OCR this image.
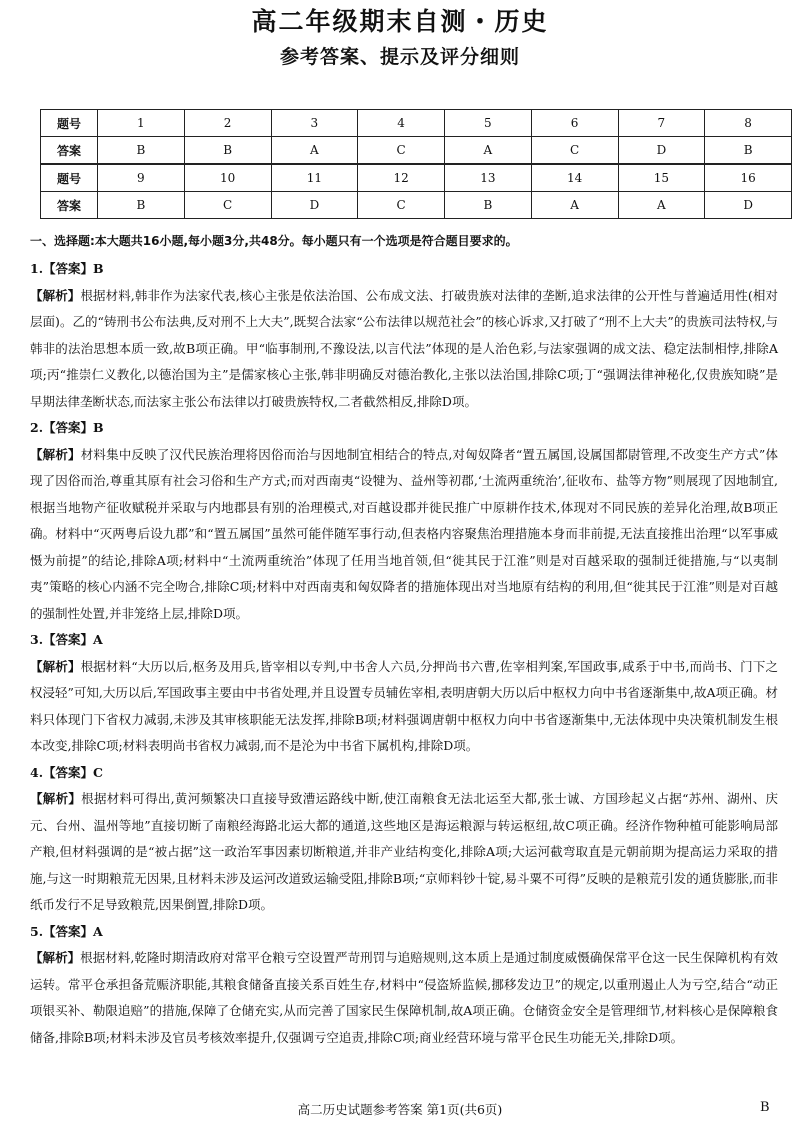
高二年级期末自测・历史
参考答案、提示及评分细则
题号	1	2	3	4	5	6	7	8
答案	B	B	A	C	A	C	D	B
题号	9	10	11	12	13	14	15	16
答案	B	C	D	C	B	A	A	D
一、选择题:本大题共16小题,每小题3分,共48分。每小题只有一个选项是符合题目要求的。
1.【答案】B

【解析】根据材料,韩非作为法家代表,核心主张是依法治国、公布成文法、打破贵族对法律的垄断,追求法律的公开性与普遍适用性(相对层面)。乙的“铸刑书公布法典,反对刑不上大夫”,既契合法家“公布法律以规范社会”的核心诉求,又打破了“刑不上大夫”的贵族司法特权,与韩非的法治思想本质一致,故B项正确。甲“临事制刑,不豫设法,以言代法”体现的是人治色彩,与法家强调的成文法、稳定法制相悖,排除A项;丙“推崇仁义教化,以德治国为主”是儒家核心主张,韩非明确反对德治教化,主张以法治国,排除C项;丁“强调法律神秘化,仅贵族知晓”是早期法律垄断状态,而法家主张公布法律以打破贵族特权,二者截然相反,排除D项。

2.【答案】B

【解析】材料集中反映了汉代民族治理将因俗而治与因地制宜相结合的特点,对匈奴降者“置五属国,设属国都尉管理,不改变生产方式”体现了因俗而治,尊重其原有社会习俗和生产方式;而对西南夷“设犍为、益州等初郡,‘土流两重统治’,征收布、盐等方物”则展现了因地制宜,根据当地物产征收赋税并采取与内地郡县有别的治理模式,对百越设郡并徙民推广中原耕作技术,体现对不同民族的差异化治理,故B项正确。材料中“灭两粤后设九郡”和“置五属国”虽然可能伴随军事行动,但表格内容聚焦治理措施本身而非前提,无法直接推出治理“以军事威慑为前提”的结论,排除A项;材料中“土流两重统治”体现了任用当地首领,但“徙其民于江淮”则是对百越采取的强制迁徙措施,与“以夷制夷”策略的核心内涵不完全吻合,排除C项;材料中对西南夷和匈奴降者的措施体现出对当地原有结构的利用,但“徙其民于江淮”则是对百越的强制性处置,并非笼络上层,排除D项。

3.【答案】A

【解析】根据材料“大历以后,枢务及用兵,皆宰相以专判,中书舍人六员,分押尚书六曹,佐宰相判案,军国政事,咸系于中书,而尚书、门下之权浸轻”可知,大历以后,军国政事主要由中书省处理,并且设置专员辅佐宰相,表明唐朝大历以后中枢权力向中书省逐渐集中,故A项正确。材料只体现门下省权力减弱,未涉及其审核职能无法发挥,排除B项;材料强调唐朝中枢权力向中书省逐渐集中,无法体现中央决策机制发生根本改变,排除C项;材料表明尚书省权力减弱,而不是沦为中书省下属机构,排除D项。

4.【答案】C

【解析】根据材料可得出,黄河频繁决口直接导致漕运路线中断,使江南粮食无法北运至大都,张士诚、方国珍起义占据“苏州、湖州、庆元、台州、温州等地”直接切断了南粮经海路北运大都的通道,这些地区是海运粮源与转运枢纽,故C项正确。经济作物种植可能影响局部产粮,但材料强调的是“被占据”这一政治军事因素切断粮道,并非产业结构变化,排除A项;大运河截弯取直是元朝前期为提高运力采取的措施,与这一时期粮荒无因果,且材料未涉及运河改道致运输受阻,排除B项;“京师料钞十锭,易斗粟不可得”反映的是粮荒引发的通货膨胀,而非纸币发行不足导致粮荒,因果倒置,排除D项。

5.【答案】A

【解析】根据材料,乾隆时期清政府对常平仓粮亏空设置严苛刑罚与追赔规则,这本质上是通过制度威慑确保常平仓这一民生保障机构有效运转。常平仓承担备荒赈济职能,其粮食储备直接关系百姓生存,材料中“侵盗矫监候,挪移发边卫”的规定,以重刑遏止人为亏空,结合“动正项银买补、勒限追赔”的措施,保障了仓储充实,从而完善了国家民生保障机制,故A项正确。仓储资金安全是管理细节,材料核心是保障粮食储备,排除B项;材料未涉及官员考核效率提升,仅强调亏空追责,排除C项;商业经营环境与常平仓民生功能无关,排除D项。

高二历史试题参考答案 第1页(共6页)	B
